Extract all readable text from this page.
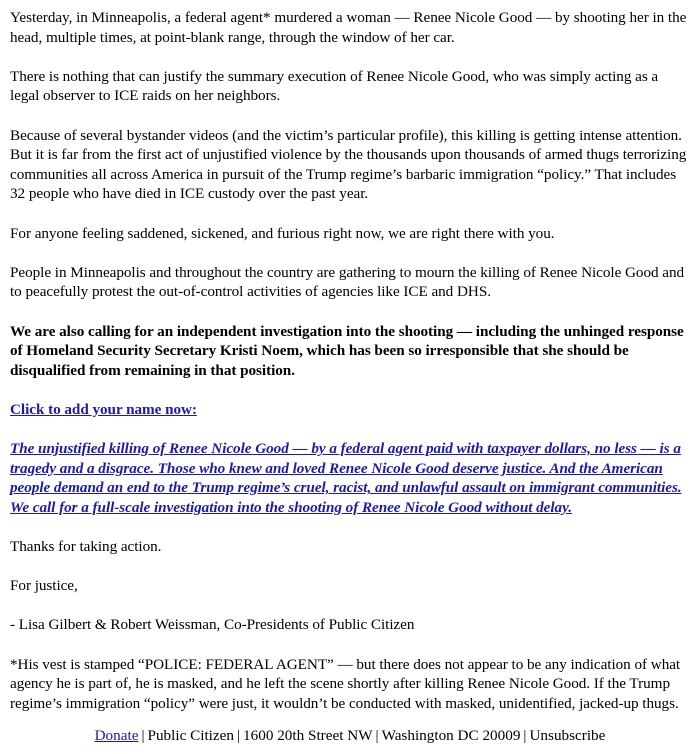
Yesterday, in Minneapolis, a federal agent* murdered a woman — Renee Nicole Good — by shooting her in the head, multiple times, at point-blank range, through the window of her car.

There is nothing that can justify the summary execution of Renee Nicole Good, who was simply acting as a legal observer to ICE raids on her neighbors.

Because of several bystander videos (and the victim’s particular profile), this killing is getting intense attention. But it is far from the first act of unjustified violence by the thousands upon thousands of armed thugs terrorizing communities all across America in pursuit of the Trump regime’s barbaric immigration “policy.” That includes 32 people who have died in ICE custody over the past year.

For anyone feeling saddened, sickened, and furious right now, we are right there with you.

People in Minneapolis and throughout the country are gathering to mourn the killing of Renee Nicole Good and to peacefully protest the out-of-control activities of agencies like ICE and DHS.

We are also calling for an independent investigation into the shooting — including the unhinged response of Homeland Security Secretary Kristi Noem, which has been so irresponsible that she should be disqualified from remaining in that position.

Click to add your name now:

The unjustified killing of Renee Nicole Good — by a federal agent paid with taxpayer dollars, no less — is a tragedy and a disgrace. Those who knew and loved Renee Nicole Good deserve justice. And the American people demand an end to the Trump regime’s cruel, racist, and unlawful assault on immigrant communities. We call for a full-scale investigation into the shooting of Renee Nicole Good without delay.

Thanks for taking action.

For justice,

- Lisa Gilbert & Robert Weissman, Co-Presidents of Public Citizen

*His vest is stamped “POLICE: FEDERAL AGENT” — but there does not appear to be any indication of what agency he is part of, he is masked, and he left the scene shortly after killing Renee Nicole Good. If the Trump regime’s immigration “policy” were just, it wouldn’t be conducted with masked, unidentified, jacked-up thugs.

Donate | Public Citizen | 1600 20th Street NW | Washington DC 20009 | Unsubscribe
